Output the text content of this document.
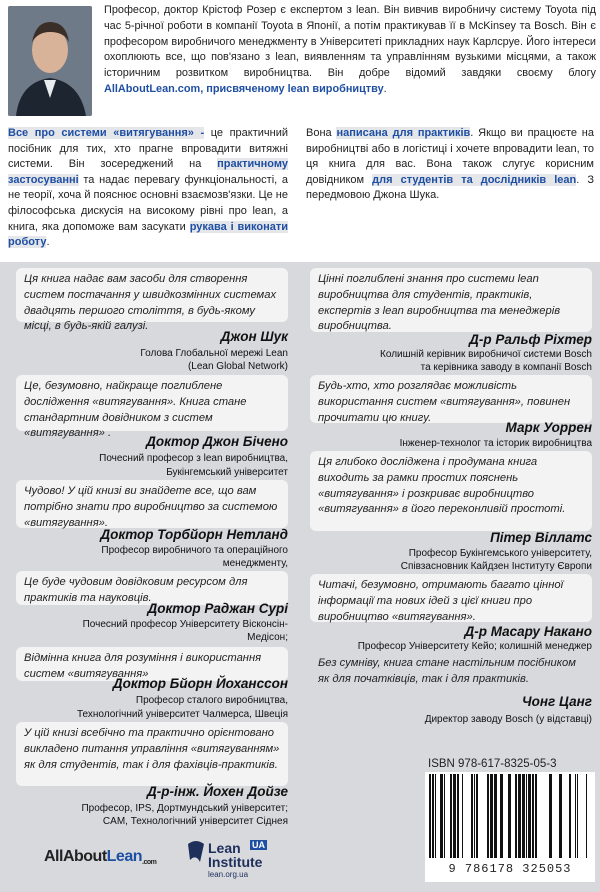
Професор, доктор Крістоф Розер є експертом з lean. Він вивчив виробничу систему Toyota під час 5-річної роботи в компанії Toyota в Японії, а потім практикував її в McKinsey та Bosch. Він є професором виробничого менеджменту в Університеті прикладних наук Карлсруе. Його інтереси охоплюють все, що пов'язано з lean, виявленням та управлінням вузькими місцями, а також історичним розвитком виробництва. Він добре відомий завдяки своєму блогу AllAboutLean.com, присвяченому lean виробництву.

Все про системи «витягування» - це практичний посібник для тих, хто прагне впровадити витяжні системи. Він зосереджений на практичному застосуванні та надає перевагу функціональності, а не теорії, хоча й пояснює основні взаємозв'язки. Це не філософська дискусія на високому рівні про lean, а книга, яка допоможе вам засукати рукава і виконати роботу.

Вона написана для практиків. Якщо ви працюєте на виробництві або в логістиці і хочете впровадити lean, то ця книга для вас. Вона також слугує корисним довідником для студентів та дослідників lean. З передмовою Джона Шука.

Ця книга надає вам засоби для створення систем постачання у швидкозмінних системах двадцять першого століття, в будь-якому місці, в будь-якій галузі.
Джон Шук
Голова Глобальної мережі Lean
(Lean Global Network)
Це, безумовно, найкраще поглиблене дослідження «витягування». Книга стане стандартним довідником з систем «витягування» .
Доктор Джон Бічено
Почесний професор з lean виробництва,
Букінгемський університет
Чудово! У цій книзі ви знайдете все, що вам потрібно знати про виробництво за системою «витягування».
Доктор Торбйорн Нетланд
Професор виробничого та операційного
менеджменту,
Це буде чудовим довідковим ресурсом для практиків та науковців.
Доктор Раджан Сурі
Почесний професор Університету Вісконсін-
Медісон;
Відмінна книга для розуміння і використання систем «витягування»
Доктор Бйорн Йоханссон
Професор сталого виробництва,
Технологічний університет Чалмерса, Швеція
У цій книзі всебічно та практично орієнтовано викладено питання управління «витягуванням» як для студентів, так і для фахівців-практиків.
Д-р-інж. Йохен Дойзе
Професор, IPS, Дортмундський університет;
CAM, Технологічний університет Сіднея
Цінні поглиблені знання про системи lean виробництва для студентів, практиків, експертів з lean виробництва та менеджерів виробництва.
Д-р Ральф Ріхтер
Колишній керівник виробничої системи Bosch
та керівника заводу в компанії Bosch
Будь-хто, хто розглядає можливість використання систем «витягування», повинен прочитати цю книгу.
Марк Уоррен
Інженер-технолог та історик виробництва
Ця глибоко досліджена і продумана книга виходить за рамки простих пояснень «витягування» і розкриває виробництво «витягування» в його переконливій простоті.
Пітер Віллатс
Професор Букінгемського університету,
Співзасновник Кайдзен Інституту Європи
Читачі, безумовно, отримають багато цінної інформації та нових ідей з цієї книги про виробництво «витягування».
Д-р Масару Накано
Професор Університету Кейо; колишній менеджер
Без сумніву, книга стане настільним посібником як для початківців, так і для практиків.
Чонг Цанг
Директор заводу Bosch (у відставці)
ISBN 978-617-8325-05-3
9 786178 325053
AllAboutLean.com
Lean UA
Institute
lean.org.ua
